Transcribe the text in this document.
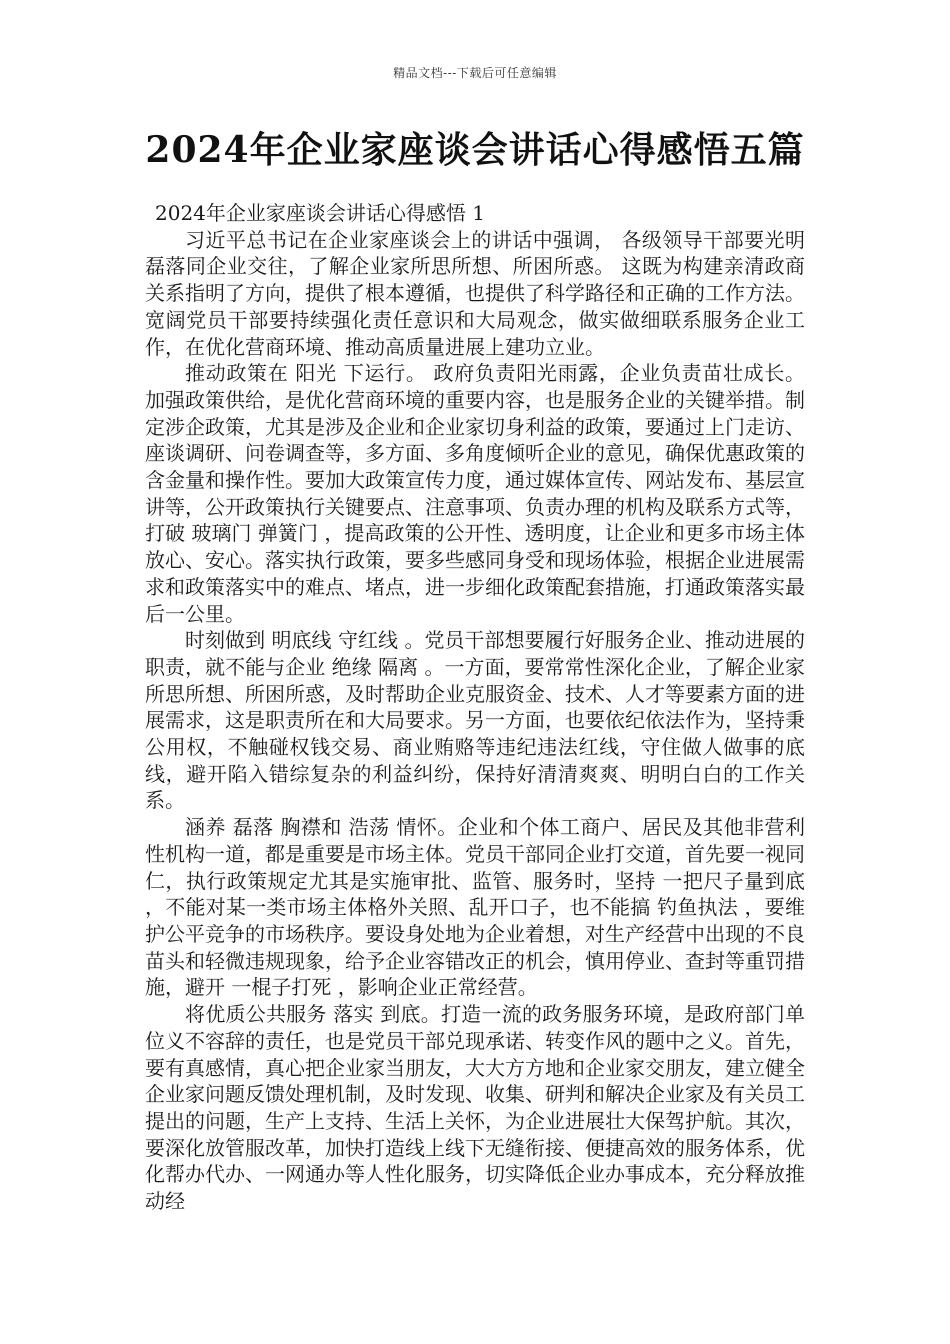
精品文档---下载后可任意编辑
2024年企业家座谈会讲话心得感悟五篇

2024年企业家座谈会讲话心得感悟 1

习近平总书记在企业家座谈会上的讲话中强调， 各级领导干部要光明磊落同企业交往，了解企业家所思所想、所困所惑。 这既为构建亲清政商关系指明了方向，提供了根本遵循，也提供了科学路径和正确的工作方法。宽阔党员干部要持续强化责任意识和大局观念，做实做细联系服务企业工作，在优化营商环境、推动高质量进展上建功立业。

推动政策在 阳光 下运行。 政府负责阳光雨露，企业负责苗壮成长。 加强政策供给，是优化营商环境的重要内容，也是服务企业的关键举措。制定涉企政策，尤其是涉及企业和企业家切身利益的政策，要通过上门走访、座谈调研、问卷调查等，多方面、多角度倾听企业的意见，确保优惠政策的含金量和操作性。要加大政策宣传力度，通过媒体宣传、网站发布、基层宣讲等，公开政策执行关键要点、注意事项、负责办理的机构及联系方式等，打破 玻璃门 弹簧门 ，提高政策的公开性、透明度，让企业和更多市场主体放心、安心。落实执行政策，要多些感同身受和现场体验，根据企业进展需求和政策落实中的难点、堵点，进一步细化政策配套措施，打通政策落实最后一公里。

时刻做到 明底线 守红线 。党员干部想要履行好服务企业、推动进展的职责，就不能与企业 绝缘 隔离 。一方面，要常常性深化企业，了解企业家所思所想、所困所惑，及时帮助企业克服资金、技术、人才等要素方面的进展需求，这是职责所在和大局要求。另一方面，也要依纪依法作为，坚持秉公用权，不触碰权钱交易、商业贿赂等违纪违法红线，守住做人做事的底线，避开陷入错综复杂的利益纠纷，保持好清清爽爽、明明白白的工作关系。

涵养 磊落 胸襟和 浩荡 情怀。企业和个体工商户、居民及其他非营利性机构一道，都是重要是市场主体。党员干部同企业打交道，首先要一视同仁，执行政策规定尤其是实施审批、监管、服务时，坚持 一把尺子量到底 ，不能对某一类市场主体格外关照、乱开口子，也不能搞 钓鱼执法 ，要维护公平竞争的市场秩序。要设身处地为企业着想，对生产经营中出现的不良苗头和轻微违规现象，给予企业容错改正的机会，慎用停业、查封等重罚措施，避开 一棍子打死 ，影响企业正常经营。

将优质公共服务 落实 到底。打造一流的政务服务环境，是政府部门单位义不容辞的责任，也是党员干部兑现承诺、转变作风的题中之义。首先，要有真感情，真心把企业家当朋友，大大方方地和企业家交朋友，建立健全企业家问题反馈处理机制，及时发现、收集、研判和解决企业家及有关员工提出的问题，生产上支持、生活上关怀，为企业进展壮大保驾护航。其次，要深化放管服改革，加快打造线上线下无缝衔接、便捷高效的服务体系，优化帮办代办、一网通办等人性化服务，切实降低企业办事成本，充分释放推动经
